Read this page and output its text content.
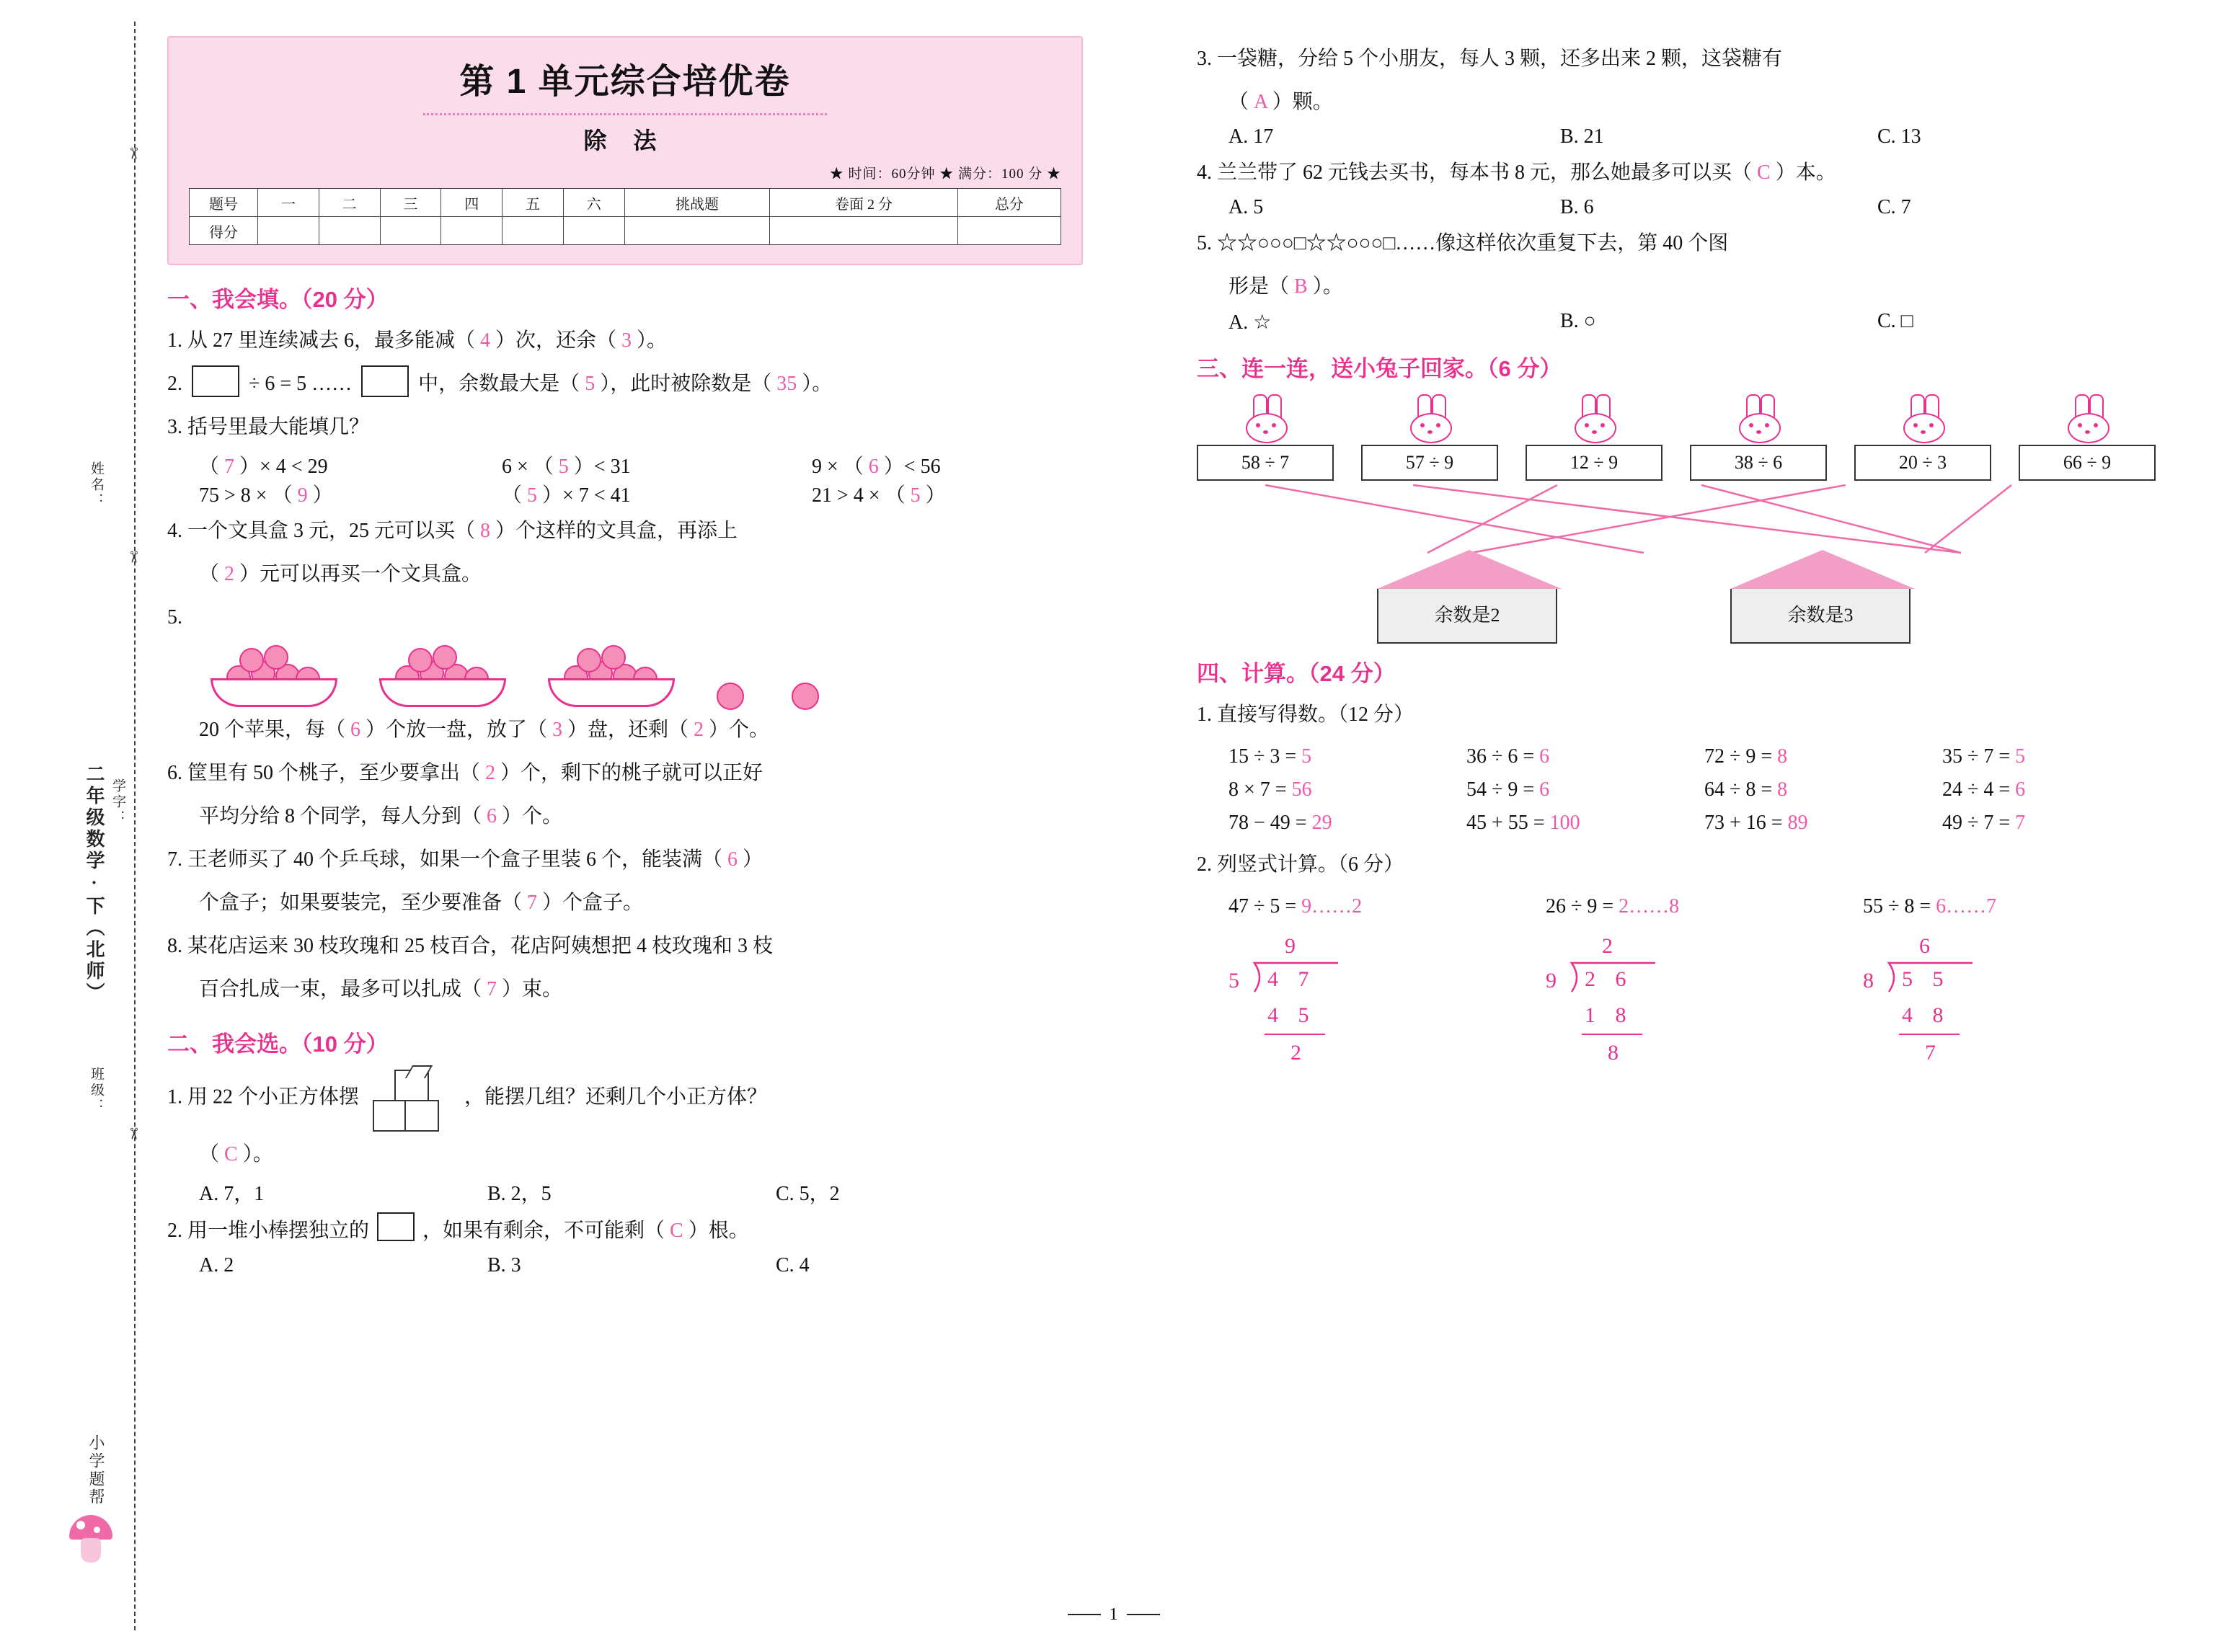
✂
✂
✂
姓名：
二年级数学·下（北师） 学字：
班级：
小学题帮
第 1 单元综合培优卷
除 法
★ 时间：60分钟 ★ 满分：100 分 ★
题号	一	二	三	四	五	六	挑战题	卷面 2 分	总分
得分									
一、我会填。（20 分）
1. 从 27 里连续减去 6，最多能减（ 4 ）次，还余（ 3 ）。
2.	÷ 6 = 5 ……	中，余数最大是（ 5 ），此时被除数是（ 35 ）。
3. 括号里最大能填几？
（ 7 ）× 4 < 29	6 × （ 5 ）< 31	9 × （ 6 ）< 56
75 > 8 × （ 9 ）	（ 5 ）× 7 < 41	21 > 4 × （ 5 ）
4. 一个文具盒 3 元，25 元可以买（ 8 ）个这样的文具盒，再添上
（ 2 ）元可以再买一个文具盒。
5.
20 个苹果，每（ 6 ）个放一盘，放了（ 3 ）盘，还剩（ 2 ）个。
6. 筐里有 50 个桃子，至少要拿出（ 2 ）个，剩下的桃子就可以正好
平均分给 8 个同学，每人分到（ 6 ）个。
7. 王老师买了 40 个乒乓球，如果一个盒子里装 6 个，能装满（ 6 ）
个盒子；如果要装完，至少要准备（ 7 ）个盒子。
8. 某花店运来 30 枝玫瑰和 25 枝百合，花店阿姨想把 4 枝玫瑰和 3 枝
百合扎成一束，最多可以扎成（ 7 ）束。
二、我会选。（10 分）
1. 用 22 个小正方体摆	，能摆几组？还剩几个小正方体？
（ C ）。
A. 7，1	B. 2，5	C. 5，2
2. 用一堆小棒摆独立的	，如果有剩余，不可能剩（ C ）根。
A. 2	B. 3	C. 4
3. 一袋糖，分给 5 个小朋友，每人 3 颗，还多出来 2 颗，这袋糖有
（ A ）颗。
A. 17	B. 21	C. 13
4. 兰兰带了 62 元钱去买书，每本书 8 元，那么她最多可以买（ C ）本。
A. 5	B. 6	C. 7
5. ☆☆○○○□☆☆○○○□……像这样依次重复下去，第 40 个图
形是（ B ）。
A. ☆	B. ○	C. □
三、连一连，送小兔子回家。（6 分）
58 ÷ 7	57 ÷ 9	12 ÷ 9	38 ÷ 6	20 ÷ 3	66 ÷ 9
余数是2	余数是3
四、计算。（24 分）
1. 直接写得数。（12 分）
15 ÷ 3 = 5	36 ÷ 6 = 6	72 ÷ 9 = 8	35 ÷ 7 = 5
8 × 7 = 56	54 ÷ 9 = 6	64 ÷ 8 = 8	24 ÷ 4 = 6
78 − 49 = 29	45 + 55 = 100	73 + 16 = 89	49 ÷ 7 = 7
2. 列竖式计算。（6 分）
47 ÷ 5 = 9……2	26 ÷ 9 = 2……8	55 ÷ 8 = 6……7
9
5 4 7
4 5
2
2
9 2 6
1 8
8
6
8 5 5
4 8
7
1
